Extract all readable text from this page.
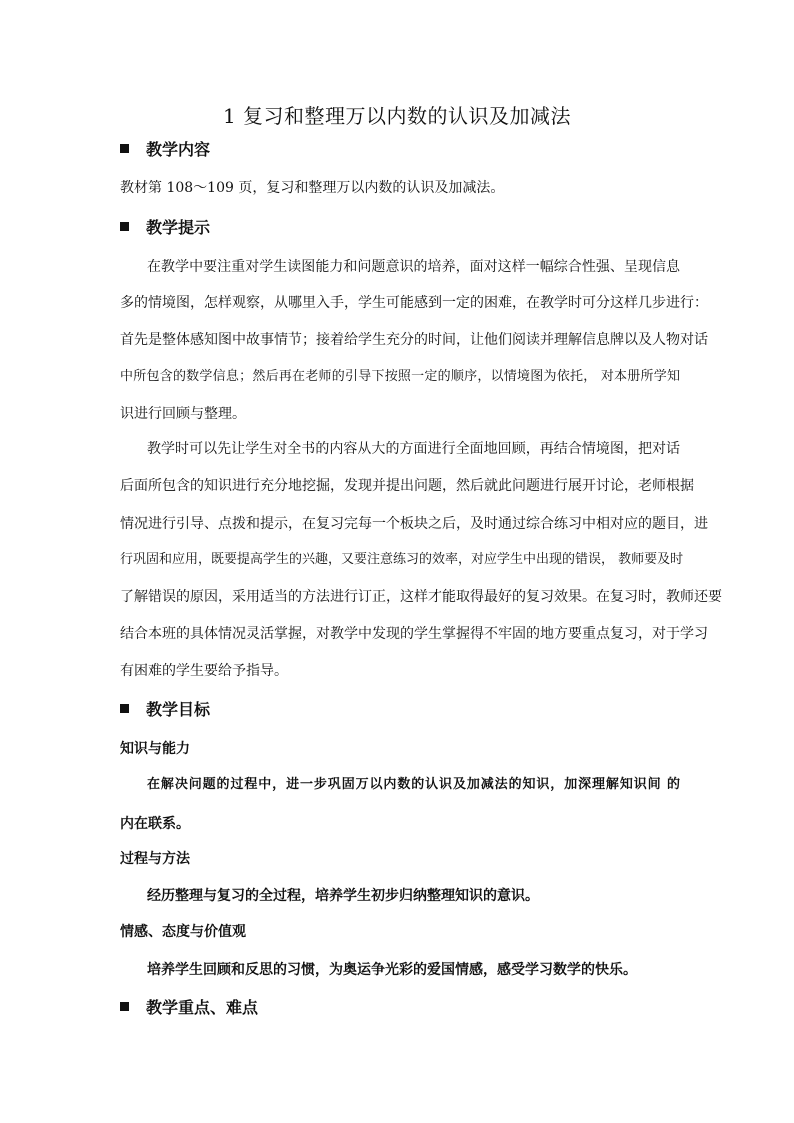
1 复习和整理万以内数的认识及加减法
教学内容
教材第 108～109 页，复习和整理万以内数的认识及加减法。
教学提示
在教学中要注重对学生读图能力和问题意识的培养，面对这样一幅综合性强、呈现信息
多的情境图，怎样观察，从哪里入手，学生可能感到一定的困难，在教学时可分这样几步进行：
首先是整体感知图中故事情节；接着给学生充分的时间，让他们阅读并理解信息牌以及人物对话
中所包含的数学信息；然后再在老师的引导下按照一定的顺序，以情境图为依托， 对本册所学知
识进行回顾与整理。
教学时可以先让学生对全书的内容从大的方面进行全面地回顾，再结合情境图，把对话
后面所包含的知识进行充分地挖掘，发现并提出问题，然后就此问题进行展开讨论，老师根据
情况进行引导、点拨和提示，在复习完每一个板块之后，及时通过综合练习中相对应的题目，进
行巩固和应用，既要提高学生的兴趣，又要注意练习的效率，对应学生中出现的错误， 教师要及时
了解错误的原因，采用适当的方法进行订正，这样才能取得最好的复习效果。在复习时，教师还要
结合本班的具体情况灵活掌握，对教学中发现的学生掌握得不牢固的地方要重点复习，对于学习
有困难的学生要给予指导。
教学目标
知识与能力
在解决问题的过程中，进一步巩固万以内数的认识及加减法的知识，加深理解知识间 的
内在联系。
过程与方法
经历整理与复习的全过程，培养学生初步归纳整理知识的意识。
情感、态度与价值观
培养学生回顾和反思的习惯，为奥运争光彩的爱国情感，感受学习数学的快乐。
教学重点、难点
